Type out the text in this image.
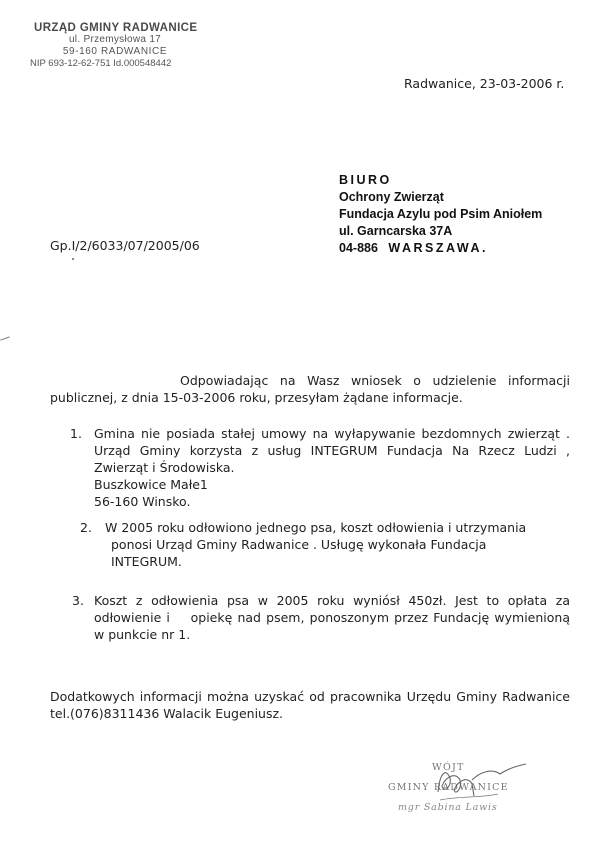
URZĄD GMINY RADWANICE
ul. Przemysłowa 17
59-160 RADWANICE
NIP 693-12-62-751 Id.000548442
Radwanice, 23-03-2006 r.
BIURO
Ochrony Zwierząt
Fundacja Azylu pod Psim Aniołem
ul. Garncarska 37A
04-886 WARSZAWA.
Gp.I/2/6033/07/2005/06
Odpowiadając na Wasz wniosek o udzielenie informacji publicznej, z dnia 15-03-2006 roku, przesyłam żądane informacje.
1. Gmina nie posiada stałej umowy na wyłapywanie bezdomnych zwierząt . Urząd Gminy korzysta z usług INTEGRUM Fundacja Na Rzecz Ludzi , Zwierząt i Środowiska.
Buszkowice Małe1
56-160 Winsko.
2. W 2005 roku odłowiono jednego psa, koszt odłowienia i utrzymania
ponosi Urząd Gminy Radwanice . Usługę wykonała Fundacja
INTEGRUM.
3. Koszt z odłowienia psa w 2005 roku wyniósł 450zł. Jest to opłata za odłowienie i    opiekę nad psem, ponoszonym przez Fundację wymienioną w punkcie nr 1.
Dodatkowych informacji można uzyskać od pracownika Urzędu Gminy Radwanice tel.(076)8311436 Walacik Eugeniusz.
WÓJT
GMINY RADWANICE
mgr Sabina Lawis
